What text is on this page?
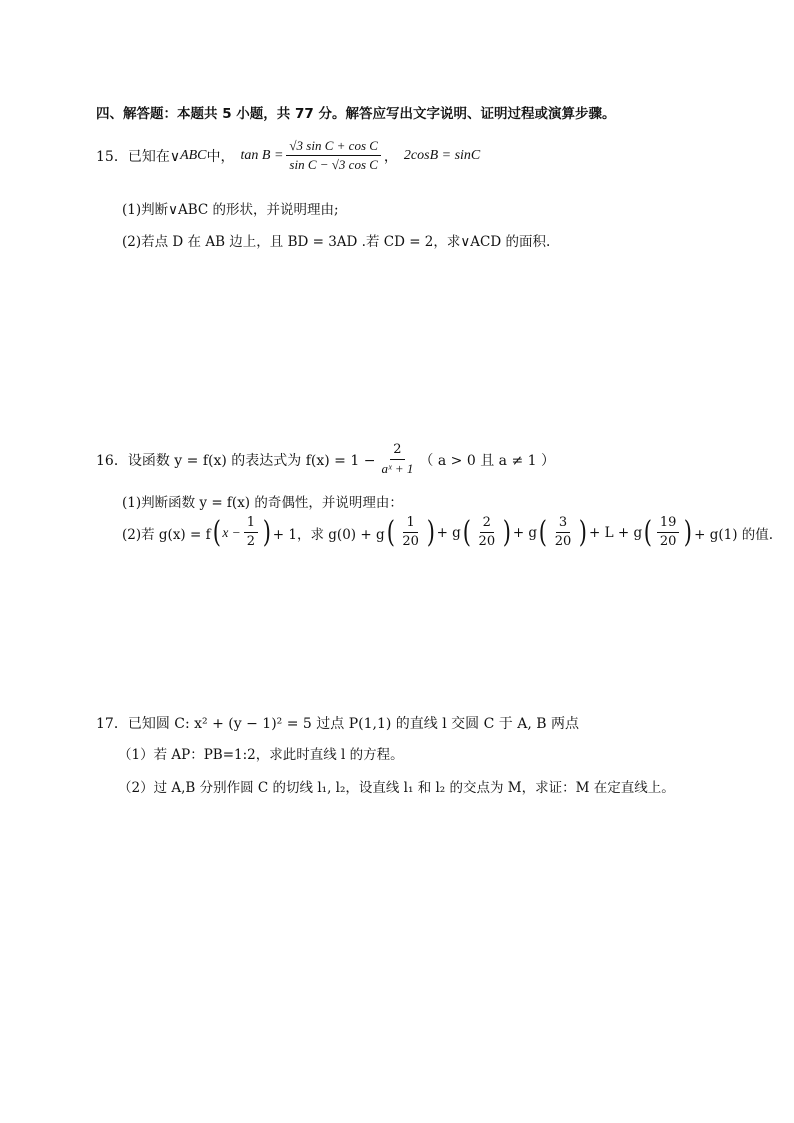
四、解答题：本题共 5 小题，共 77 分。解答应写出文字说明、证明过程或演算步骤。
15． 已知在∨ ABC 中， $\tan B = \frac{\text{√3 sin C + cos C}}{\text{sin C − √3 cos C}}$ ， 2cosB = sinC
(1)判断∨ABC 的形状，并说明理由;
(2)若点 D 在 AB 边上，且 BD = 3AD .若 CD = 2，求∨ACD 的面积.
16． 设函数 y = f(x) 的表达式为 $f(x) = 1 - \frac{2}{\text{aˣ + 1}}$ （ a > 0 且 a ≠ 1 ）
(1)判断函数 y = f(x) 的奇偶性，并说明理由：
(2)若 g(x) = f ( $x - \frac{1}{2}$ ) + 1，求 g(0) + g ( $\frac{1}{20}$ ) + g ( $\frac{2}{20}$ ) + g ( $\frac{3}{20}$ ) + L + g ( $\frac{19}{20}$ ) + g(1) 的值.
17． 已知圆 C: x² + (y − 1)² = 5 过点 P(1,1) 的直线 l 交圆 C 于 A, B 两点
（1）若 AP：PB=1:2，求此时直线 l 的方程。
（2）过 A,B 分别作圆 C 的切线 l₁, l₂，设直线 l₁ 和 l₂ 的交点为 M，求证：M 在定直线上。
